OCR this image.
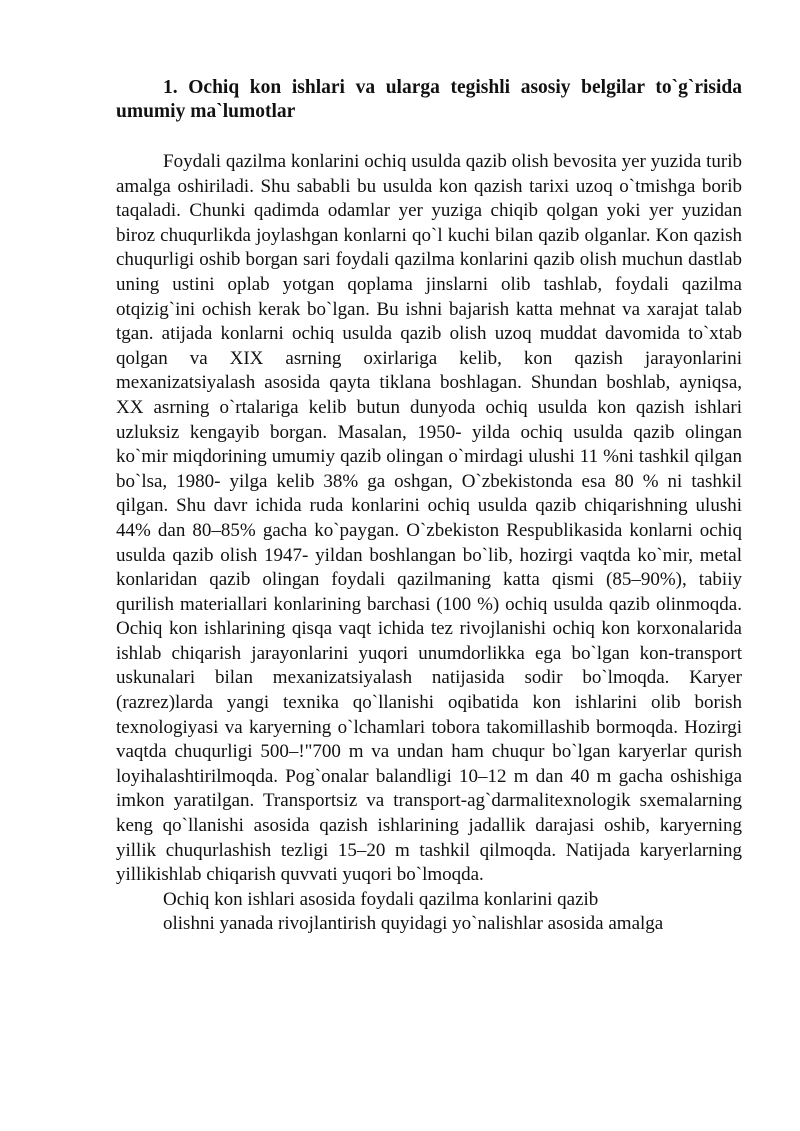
1. Ochiq kon ishlari va ularga tegishli asosiy belgilar to`g`risida umumiy ma`lumotlar

Foydali qazilma konlarini ochiq usulda qazib olish bevosita yer yuzida turib amalga oshiriladi. Shu sababli bu usulda kon qazish tarixi uzoq o`tmishga borib taqaladi. Chunki qadimda odamlar yer yuziga chiqib qolgan yoki yer yuzidan biroz chuqurlikda joylashgan konlarni qo`l kuchi bilan qazib olganlar. Kon qazish chuqurligi oshib borgan sari foydali qazilma konlarini qazib olish muchun dastlab uning ustini oplab yotgan qoplama jinslarni olib tashlab, foydali qazilma otqizig`ini ochish kerak bo`lgan. Bu ishni bajarish katta mehnat va xarajat talab tgan. atijada konlarni ochiq usulda qazib olish uzoq muddat davomida to`xtab qolgan va XIX asrning oxirlariga kelib, kon qazish jarayonlarini mexanizatsiyalash asosida qayta tiklana boshlagan. Shundan boshlab, ayniqsa, XX asrning o`rtalariga kelib butun dunyoda ochiq usulda kon qazish ishlari uzluksiz kengayib borgan. Masalan, 1950- yilda ochiq usulda qazib olingan ko`mir miqdorining umumiy qazib olingan o`mirdagi ulushi 11 %ni tashkil qilgan bo`lsa, 1980- yilga kelib 38% ga oshgan, O`zbekistonda esa 80 % ni tashkil qilgan. Shu davr ichida ruda konlarini ochiq usulda qazib chiqarishning ulushi 44% dan 80–85% gacha ko`paygan. O`zbekiston Respublikasida konlarni ochiq usulda qazib olish 1947- yildan boshlangan bo`lib, hozirgi vaqtda ko`mir, metal konlaridan qazib olingan foydali qazilmaning katta qismi (85–90%), tabiiy qurilish materiallari konlarining barchasi (100 %) ochiq usulda qazib olinmoqda. Ochiq kon ishlarining qisqa vaqt ichida tez rivojlanishi ochiq kon korxonalarida ishlab chiqarish jarayonlarini yuqori unumdorlikka ega bo`lgan kon-transport uskunalari bilan mexanizatsiyalash natijasida sodir bo`lmoqda. Karyer (razrez)larda yangi texnika qo`llanishi oqibatida kon ishlarini olib borish texnologiyasi va karyerning o`lchamlari tobora takomillashib bormoqda. Hozirgi vaqtda chuqurligi 500–!"700 m va undan ham chuqur bo`lgan karyerlar qurish loyihalashtirilmoqda. Pog`onalar balandligi 10–12 m dan 40 m gacha oshishiga imkon yaratilgan. Transportsiz va transport-ag`darmalitexnologik sxemalarning keng qo`llanishi asosida qazish ishlarining jadallik darajasi oshib, karyerning yillik chuqurlashish tezligi 15–20 m tashkil qilmoqda. Natijada karyerlarning yillikishlab chiqarish quvvati yuqori bo`lmoqda.

Ochiq kon ishlari asosida foydali qazilma konlarini qazib

olishni yanada rivojlantirish quyidagi yo`nalishlar asosida amalga
